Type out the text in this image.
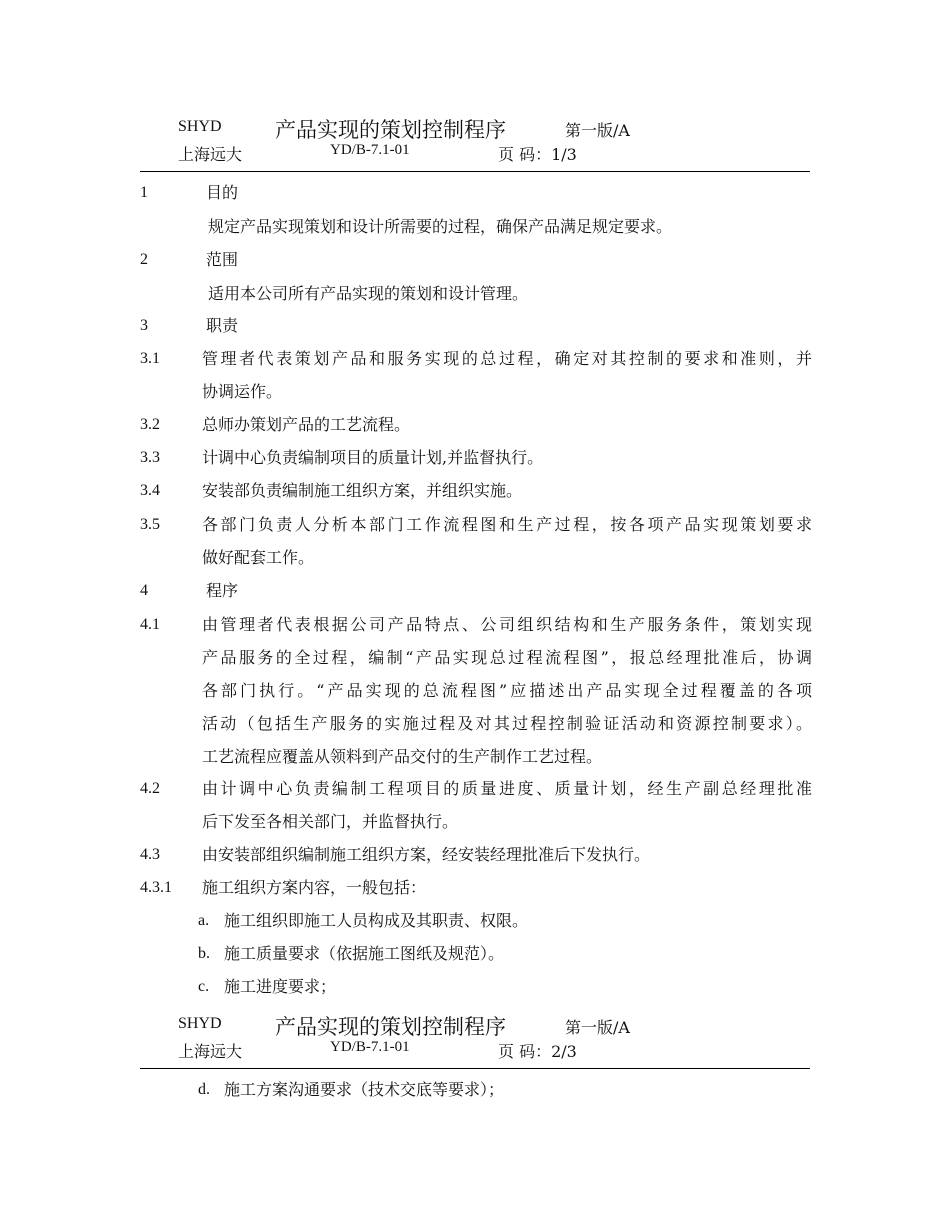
SHYD	产品实现的策划控制程序	第一版/A
上海远大	YD/B-7.1-01	页 码：1/3
1	目的
规定产品实现策划和设计所需要的过程，确保产品满足规定要求。
2	范围
适用本公司所有产品实现的策划和设计管理。
3	职责
3.1	管理者代表策划产品和服务实现的总过程，确定对其控制的要求和准则，并
协调运作。
3.2	总师办策划产品的工艺流程。
3.3	计调中心负责编制项目的质量计划,并监督执行。
3.4	安装部负责编制施工组织方案，并组织实施。
3.5	各部门负责人分析本部门工作流程图和生产过程，按各项产品实现策划要求
做好配套工作。
4	程序
4.1	由管理者代表根据公司产品特点、公司组织结构和生产服务条件，策划实现
产品服务的全过程，编制“产品实现总过程流程图”，报总经理批准后，协调
各部门执行。“产品实现的总流程图”应描述出产品实现全过程覆盖的各项
活动（包括生产服务的实施过程及对其过程控制验证活动和资源控制要求）。
工艺流程应覆盖从领料到产品交付的生产制作工艺过程。
4.2	由计调中心负责编制工程项目的质量进度、质量计划，经生产副总经理批准
后下发至各相关部门，并监督执行。
4.3	由安装部组织编制施工组织方案，经安装经理批准后下发执行。
4.3.1 施工组织方案内容，一般包括：
a. 施工组织即施工人员构成及其职责、权限。
b. 施工质量要求（依据施工图纸及规范）。
c. 施工进度要求；
SHYD	产品实现的策划控制程序	第一版/A
上海远大	YD/B-7.1-01	页 码：2/3
d. 施工方案沟通要求（技术交底等要求）；
